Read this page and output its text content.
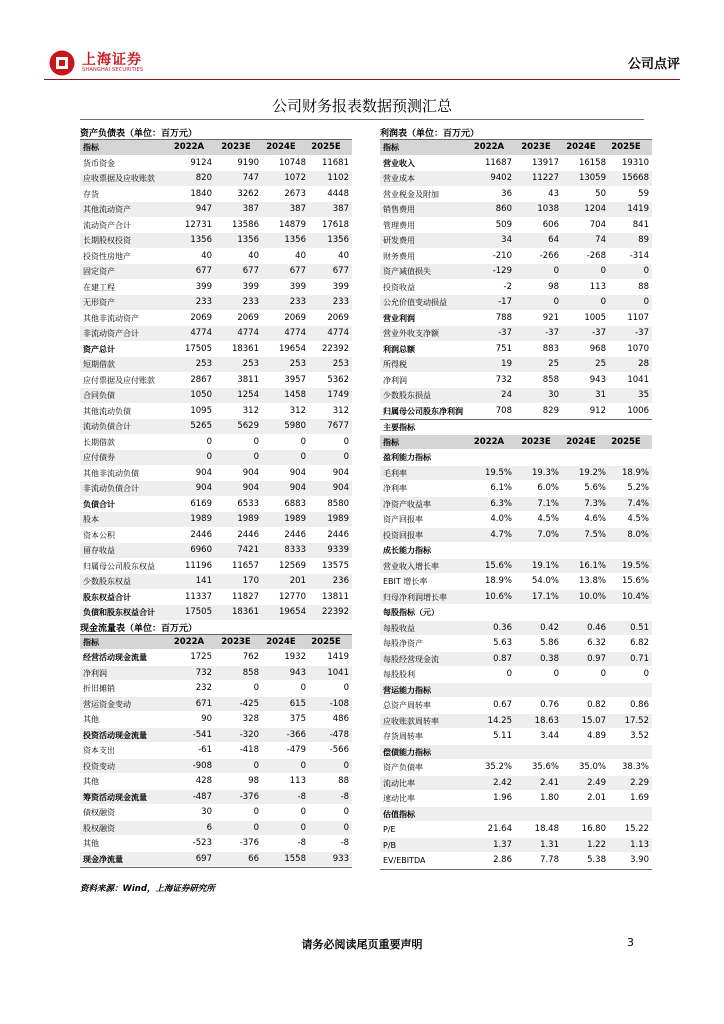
上海证券
SHANGHAI SECURITIES	公司点评
公司财务报表数据预测汇总
资产负债表（单位：百万元）
指标	2022A	2023E	2024E	2025E
货币资金	9124	9190	10748	11681
应收票据及应收账款	820	747	1072	1102
存货	1840	3262	2673	4448
其他流动资产	947	387	387	387
流动资产合计	12731	13586	14879	17618
长期股权投资	1356	1356	1356	1356
投资性房地产	40	40	40	40
固定资产	677	677	677	677
在建工程	399	399	399	399
无形资产	233	233	233	233
其他非流动资产	2069	2069	2069	2069
非流动资产合计	4774	4774	4774	4774
资产总计	17505	18361	19654	22392
短期借款	253	253	253	253
应付票据及应付账款	2867	3811	3957	5362
合同负债	1050	1254	1458	1749
其他流动负债	1095	312	312	312
流动负债合计	5265	5629	5980	7677
长期借款	0	0	0	0
应付债券	0	0	0	0
其他非流动负债	904	904	904	904
非流动负债合计	904	904	904	904
负债合计	6169	6533	6883	8580
股本	1989	1989	1989	1989
资本公积	2446	2446	2446	2446
留存收益	6960	7421	8333	9339
归属母公司股东权益	11196	11657	12569	13575
少数股东权益	141	170	201	236
股东权益合计	11337	11827	12770	13811
负债和股东权益合计	17505	18361	19654	22392
现金流量表（单位：百万元）
指标	2022A	2023E	2024E	2025E
经营活动现金流量	1725	762	1932	1419
净利润	732	858	943	1041
折旧摊销	232	0	0	0
营运资金变动	671	-425	615	-108
其他	90	328	375	486
投资活动现金流量	-541	-320	-366	-478
资本支出	-61	-418	-479	-566
投资变动	-908	0	0	0
其他	428	98	113	88
筹资活动现金流量	-487	-376	-8	-8
债权融资	30	0	0	0
股权融资	6	0	0	0
其他	-523	-376	-8	-8
现金净流量	697	66	1558	933
利润表（单位：百万元）
指标	2022A	2023E	2024E	2025E
营业收入	11687	13917	16158	19310
营业成本	9402	11227	13059	15668
营业税金及附加	36	43	50	59
销售费用	860	1038	1204	1419
管理费用	509	606	704	841
研发费用	34	64	74	89
财务费用	-210	-266	-268	-314
资产减值损失	-129	0	0	0
投资收益	-2	98	113	88
公允价值变动损益	-17	0	0	0
营业利润	788	921	1005	1107
营业外收支净额	-37	-37	-37	-37
利润总额	751	883	968	1070
所得税	19	25	25	28
净利润	732	858	943	1041
少数股东损益	24	30	31	35
归属母公司股东净利润	708	829	912	1006
主要指标
指标	2022A	2023E	2024E	2025E
盈利能力指标
毛利率	19.5%	19.3%	19.2%	18.9%
净利率	6.1%	6.0%	5.6%	5.2%
净资产收益率	6.3%	7.1%	7.3%	7.4%
资产回报率	4.0%	4.5%	4.6%	4.5%
投资回报率	4.7%	7.0%	7.5%	8.0%
成长能力指标
营业收入增长率	15.6%	19.1%	16.1%	19.5%
EBIT 增长率	18.9%	54.0%	13.8%	15.6%
归母净利润增长率	10.6%	17.1%	10.0%	10.4%
每股指标（元）
每股收益	0.36	0.42	0.46	0.51
每股净资产	5.63	5.86	6.32	6.82
每股经营现金流	0.87	0.38	0.97	0.71
每股股利	0	0	0	0
营运能力指标
总资产周转率	0.67	0.76	0.82	0.86
应收账款周转率	14.25	18.63	15.07	17.52
存货周转率	5.11	3.44	4.89	3.52
偿债能力指标
资产负债率	35.2%	35.6%	35.0%	38.3%
流动比率	2.42	2.41	2.49	2.29
速动比率	1.96	1.80	2.01	1.69
估值指标
P/E	21.64	18.48	16.80	15.22
P/B	1.37	1.31	1.22	1.13
EV/EBITDA	2.86	7.78	5.38	3.90
资料来源：Wind，上海证券研究所
请务必阅读尾页重要声明	3
